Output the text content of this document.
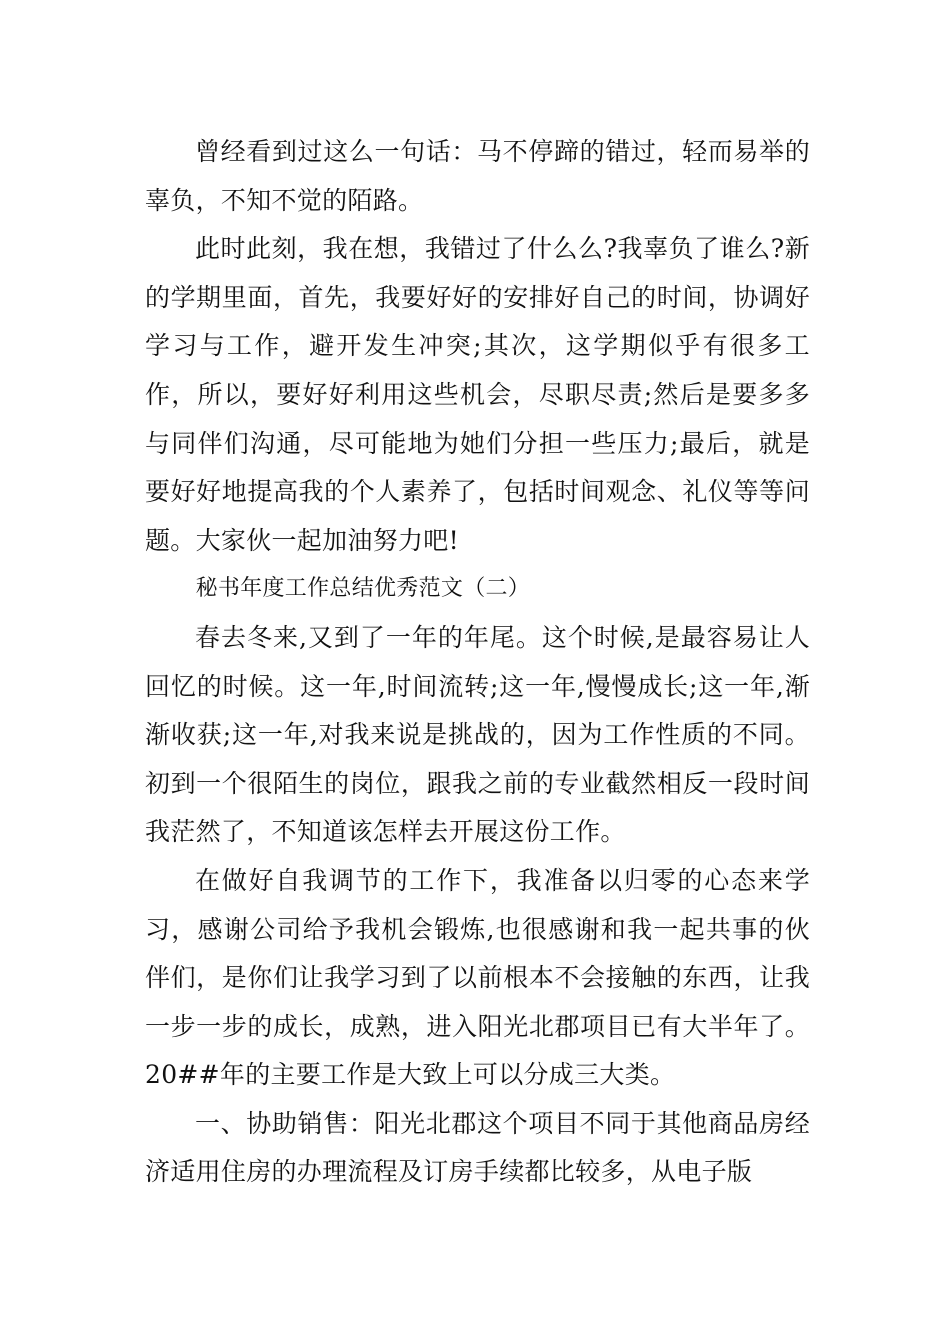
曾经看到过这么一句话：马不停蹄的错过，轻而易举的辜负，不知不觉的陌路。

此时此刻，我在想，我错过了什么么?我辜负了谁么?新的学期里面，首先，我要好好的安排好自己的时间，协调好学习与工作，避开发生冲突;其次，这学期似乎有很多工作，所以，要好好利用这些机会，尽职尽责;然后是要多多与同伴们沟通，尽可能地为她们分担一些压力;最后，就是要好好地提高我的个人素养了，包括时间观念、礼仪等等问题。大家伙一起加油努力吧!

秘书年度工作总结优秀范文（二）

春去冬来,又到了一年的年尾。这个时候,是最容易让人回忆的时候。这一年,时间流转;这一年,慢慢成长;这一年,渐渐收获;这一年,对我来说是挑战的，因为工作性质的不同。初到一个很陌生的岗位，跟我之前的专业截然相反一段时间我茫然了，不知道该怎样去开展这份工作。

在做好自我调节的工作下，我准备以归零的心态来学习，感谢公司给予我机会锻炼,也很感谢和我一起共事的伙伴们，是你们让我学习到了以前根本不会接触的东西，让我一步一步的成长，成熟，进入阳光北郡项目已有大半年了。20##年的主要工作是大致上可以分成三大类。

一、协助销售：阳光北郡这个项目不同于其他商品房经济适用住房的办理流程及订房手续都比较多，从电子版
